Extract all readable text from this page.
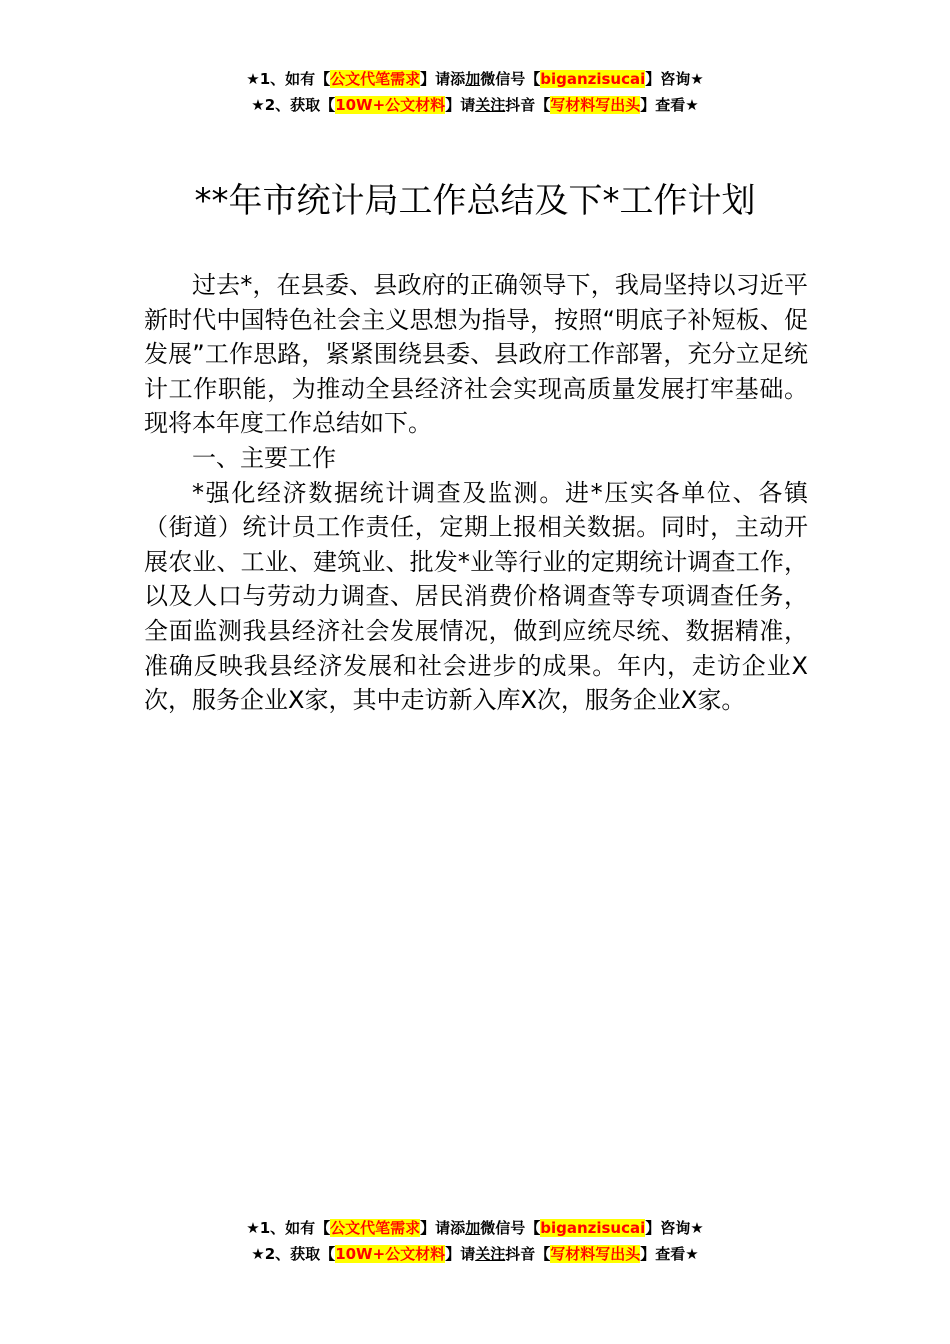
★1、如有【公文代笔需求】请添加微信号【biganzisucai】咨询★
★2、获取【10W+公文材料】请关注抖音【写材料写出头】查看★
**年市统计局工作总结及下*工作计划

过去*，在县委、县政府的正确领导下，我局坚持以习近平新时代中国特色社会主义思想为指导，按照“明底子补短板、促发展”工作思路，紧紧围绕县委、县政府工作部署，充分立足统计工作职能，为推动全县经济社会实现高质量发展打牢基础。现将本年度工作总结如下。

一、主要工作

*强化经济数据统计调查及监测。进*压实各单位、各镇（街道）统计员工作责任，定期上报相关数据。同时，主动开展农业、工业、建筑业、批发*业等行业的定期统计调查工作，以及人口与劳动力调查、居民消费价格调查等专项调查任务，全面监测我县经济社会发展情况，做到应统尽统、数据精准，准确反映我县经济发展和社会进步的成果。年内，走访企业X次，服务企业X家，其中走访新入库X次，服务企业X家。

★1、如有【公文代笔需求】请添加微信号【biganzisucai】咨询★
★2、获取【10W+公文材料】请关注抖音【写材料写出头】查看★
